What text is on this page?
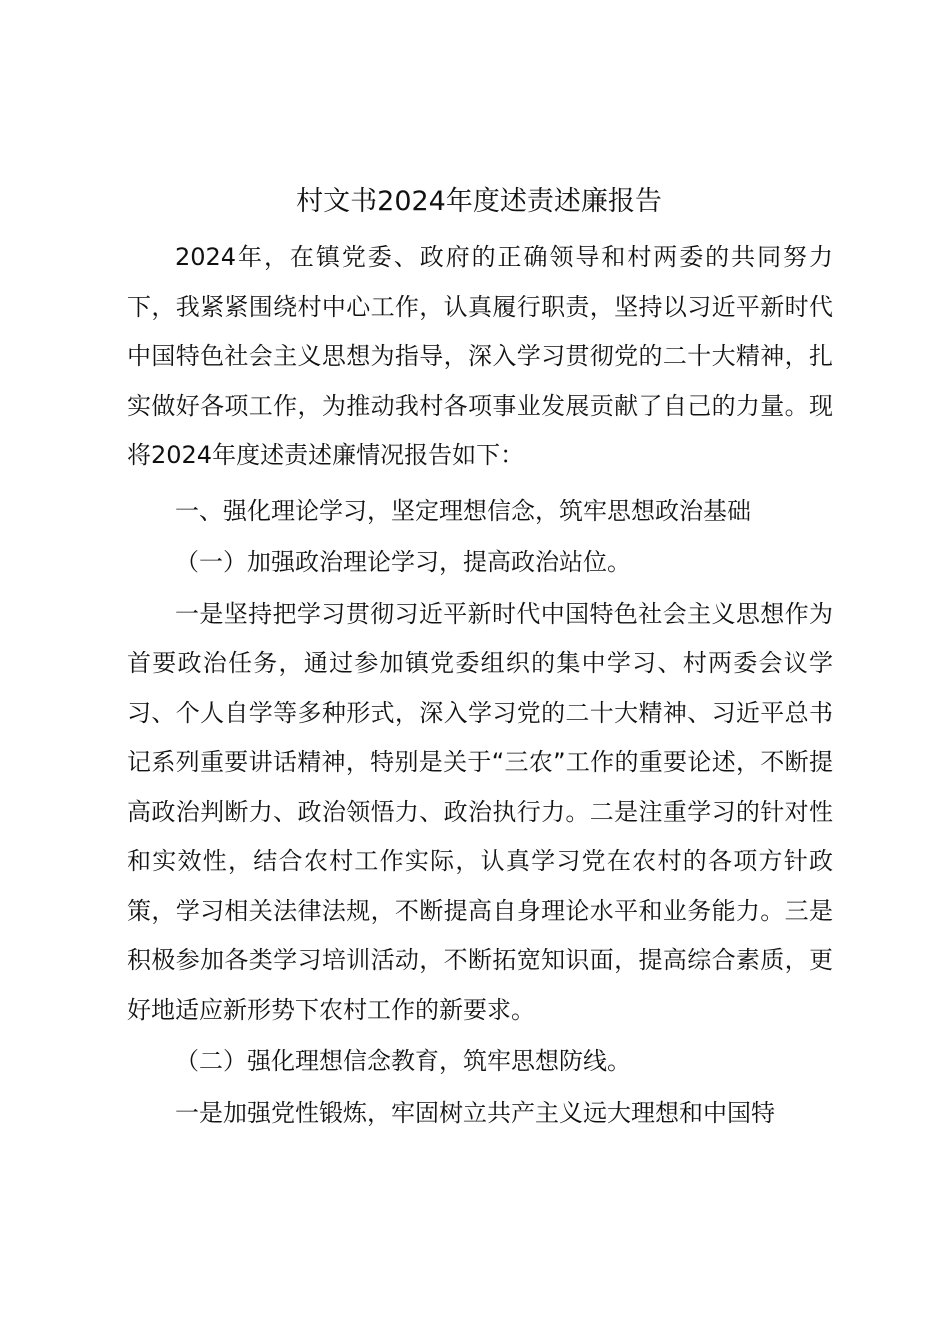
村文书2024年度述责述廉报告

2024年，在镇党委、政府的正确领导和村两委的共同努力下，我紧紧围绕村中心工作，认真履行职责，坚持以习近平新时代中国特色社会主义思想为指导，深入学习贯彻党的二十大精神，扎实做好各项工作，为推动我村各项事业发展贡献了自己的力量。现将2024年度述责述廉情况报告如下：

一、强化理论学习，坚定理想信念，筑牢思想政治基础

（一）加强政治理论学习，提高政治站位。

一是坚持把学习贯彻习近平新时代中国特色社会主义思想作为首要政治任务，通过参加镇党委组织的集中学习、村两委会议学习、个人自学等多种形式，深入学习党的二十大精神、习近平总书记系列重要讲话精神，特别是关于“三农”工作的重要论述，不断提高政治判断力、政治领悟力、政治执行力。二是注重学习的针对性和实效性，结合农村工作实际，认真学习党在农村的各项方针政策，学习相关法律法规，不断提高自身理论水平和业务能力。三是积极参加各类学习培训活动，不断拓宽知识面，提高综合素质，更好地适应新形势下农村工作的新要求。

（二）强化理想信念教育，筑牢思想防线。

一是加强党性锻炼，牢固树立共产主义远大理想和中国特
